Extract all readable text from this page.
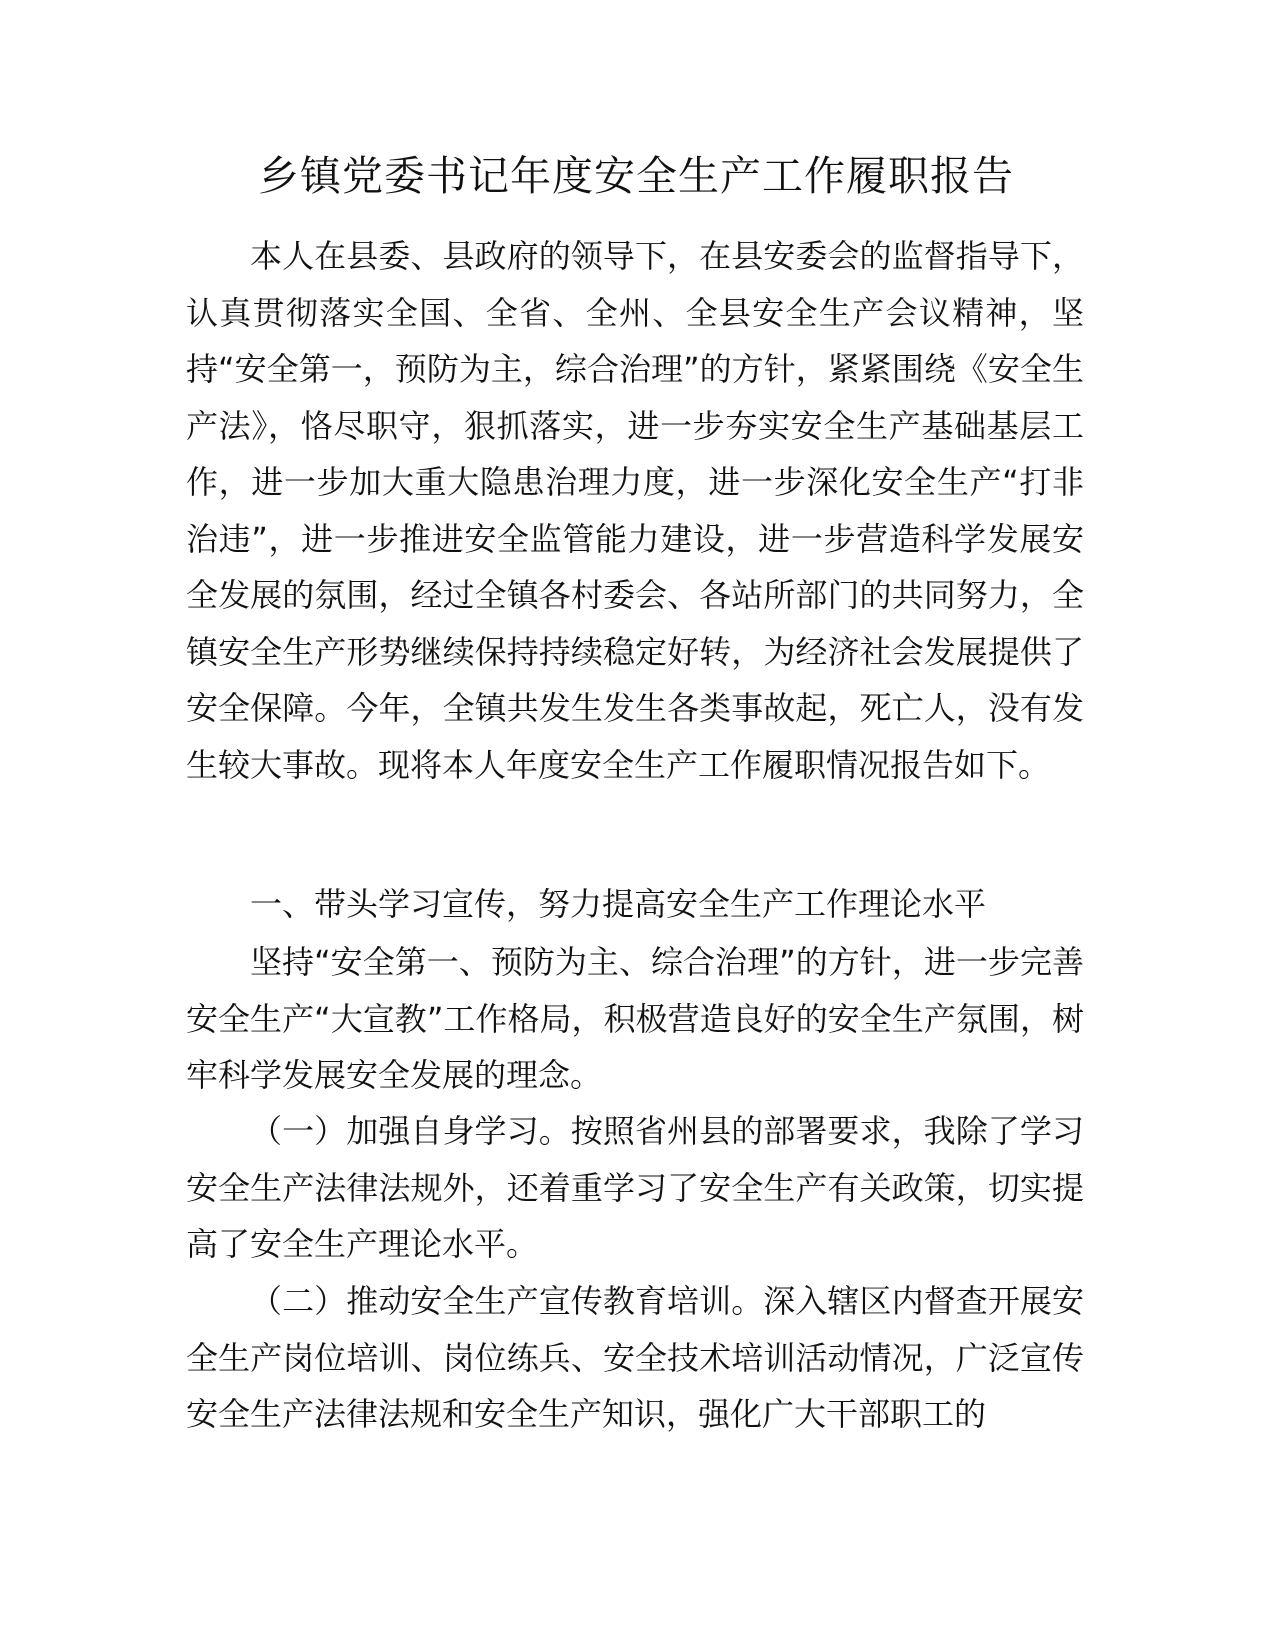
乡镇党委书记年度安全生产工作履职报告

本人在县委、县政府的领导下，在县安委会的监督指导下，认真贯彻落实全国、全省、全州、全县安全生产会议精神，坚持“安全第一，预防为主，综合治理”的方针，紧紧围绕《安全生产法》，恪尽职守，狠抓落实，进一步夯实安全生产基础基层工作，进一步加大重大隐患治理力度，进一步深化安全生产“打非治违”，进一步推进安全监管能力建设，进一步营造科学发展安全发展的氛围，经过全镇各村委会、各站所部门的共同努力，全镇安全生产形势继续保持持续稳定好转，为经济社会发展提供了安全保障。今年，全镇共发生发生各类事故起，死亡人，没有发生较大事故。现将本人年度安全生产工作履职情况报告如下。

一、带头学习宣传，努力提高安全生产工作理论水平

坚持“安全第一、预防为主、综合治理”的方针，进一步完善安全生产“大宣教”工作格局，积极营造良好的安全生产氛围，树牢科学发展安全发展的理念。

（一）加强自身学习。按照省州县的部署要求，我除了学习安全生产法律法规外，还着重学习了安全生产有关政策，切实提高了安全生产理论水平。

（二）推动安全生产宣传教育培训。深入辖区内督查开展安全生产岗位培训、岗位练兵、安全技术培训活动情况，广泛宣传安全生产法律法规和安全生产知识，强化广大干部职工的
